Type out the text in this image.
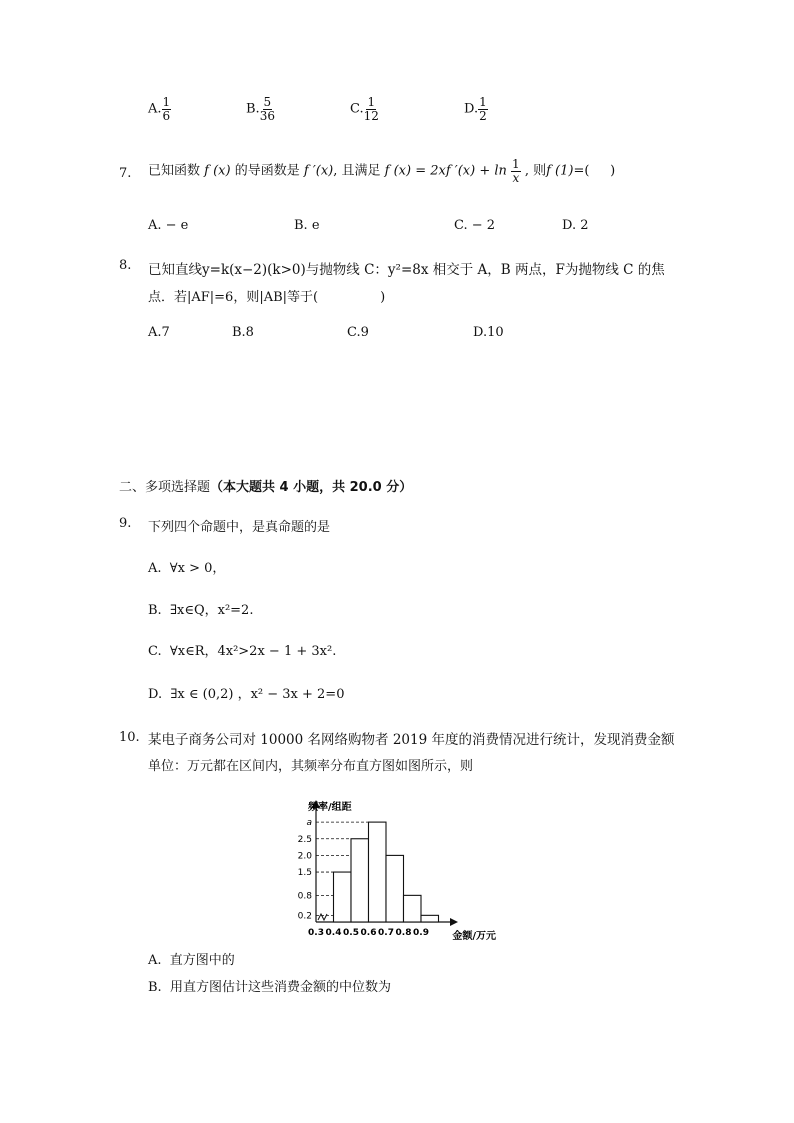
A. $\frac{1}{6}$	B. $\frac{5}{36}$	C. $\frac{1}{12}$	D. $\frac{1}{2}$
7. 已知函数 f (x) 的导函数是 f ′(x), 且满足 f (x) = 2xf $'(x) + \ln \frac{1}{x}$ , 则f (1)=( )
A. − e	B. e	C. − 2	D. 2
8. 已知直线y=k(x−2)(k>0)与抛物线 C：y²=8x 相交于 A，B 两点，F为抛物线 C 的焦
点．若|AF|=6，则|AB|等于(	)
A.7	B.8	C.9	D.10
二、多项选择题（本大题共 4 小题，共 20.0 分）
9. 下列四个命题中，是真命题的是
A. ∀x > 0，
B. ∃x∈Q，x²=2.
C. ∀x∈R，4x²>2x − 1 + 3x².
D. ∃x ∈ (0,2) ，x² − 3x + 2=0
10. 某电子商务公司对 10000 名网络购物者 2019 年度的消费情况进行统计，发现消费金额
单位：万元都在区间内，其频率分布直方图如图所示，则
0.2
0.8
1.5
2.0
2.5
a
0.3 0.4 0.5 0.6 0.7 0.8 0.9
频率/组距
金额/万元
A. 直方图中的
B. 用直方图估计这些消费金额的中位数为
